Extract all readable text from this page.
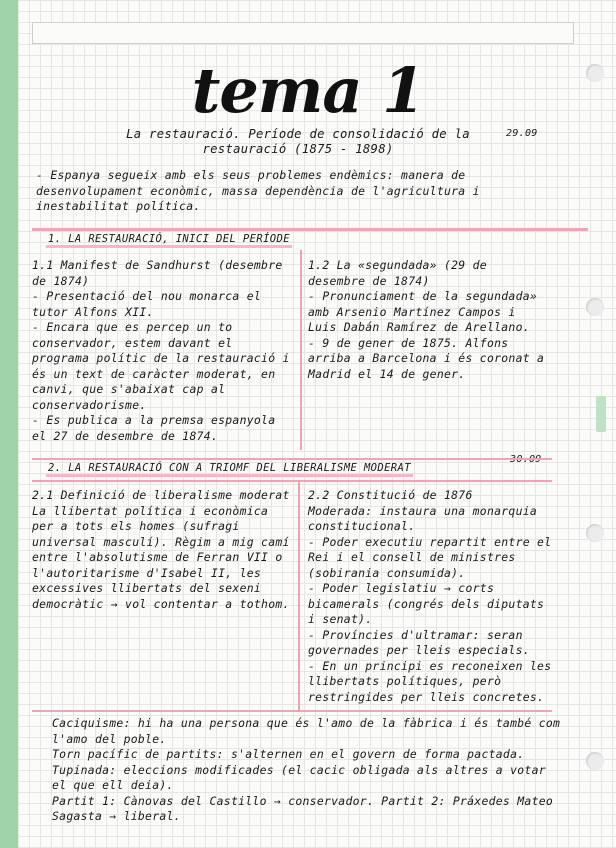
tema 1
La restauració. Període de consolidació de la restauració (1875 - 1898)
29.09
- Espanya segueix amb els seus problemes endèmics: manera de desenvolupament econòmic, massa dependència de l'agricultura i inestabilitat política.
1. LA RESTAURACIÓ, INICI DEL PERÍODE

1.1 Manifest de Sandhurst (desembre de 1874)

- Presentació del nou monarca el tutor Alfons XII.
- Encara que es percep un to conservador, estem davant el programa polític de la restauració i és un text de caràcter moderat, en canvi, que s'abaixat cap al conservadorisme.
- Es publica a la premsa espanyola el 27 de desembre de 1874.

1.2 La «segundada» (29 de desembre de 1874)

- Pronunciament de la segundada» amb Arsenio Martínez Campos i Luis Dabán Ramírez de Arellano.
- 9 de gener de 1875. Alfons arriba a Barcelona i és coronat a Madrid el 14 de gener.

2. LA RESTAURACIÓ CON A TRIOMF DEL LIBERALISME MODERAT

2.1 Definició de liberalisme moderat

La llibertat política i econòmica per a tots els homes (sufragi universal masculí). Règim a mig camí entre l'absolutisme de Ferran VII o l'autoritarisme d'Isabel II, les excessives llibertats del sexeni democràtic → vol contentar a tothom.

2.2 Constitució de 1876

Moderada: instaura una monarquia constitucional.
- Poder executiu repartit entre el Rei i el consell de ministres (sobirania consumida).
- Poder legislatiu → corts bicamerals (congrés dels diputats i senat).
- Províncies d'ultramar: seran governades per lleis especials.
- En un principi es reconeixen les llibertats polítiques, però restringides per lleis concretes.

Caciquisme: hi ha una persona que és l'amo de la fàbrica i és també com l'amo del poble.
Torn pacífic de partits: s'alternen en el govern de forma pactada. Tupinada: eleccions modificades (el cacic obligada als altres a votar el que ell deia).
Partit 1: Cànovas del Castillo → conservador. Partit 2: Práxedes Mateo Sagasta → liberal.
